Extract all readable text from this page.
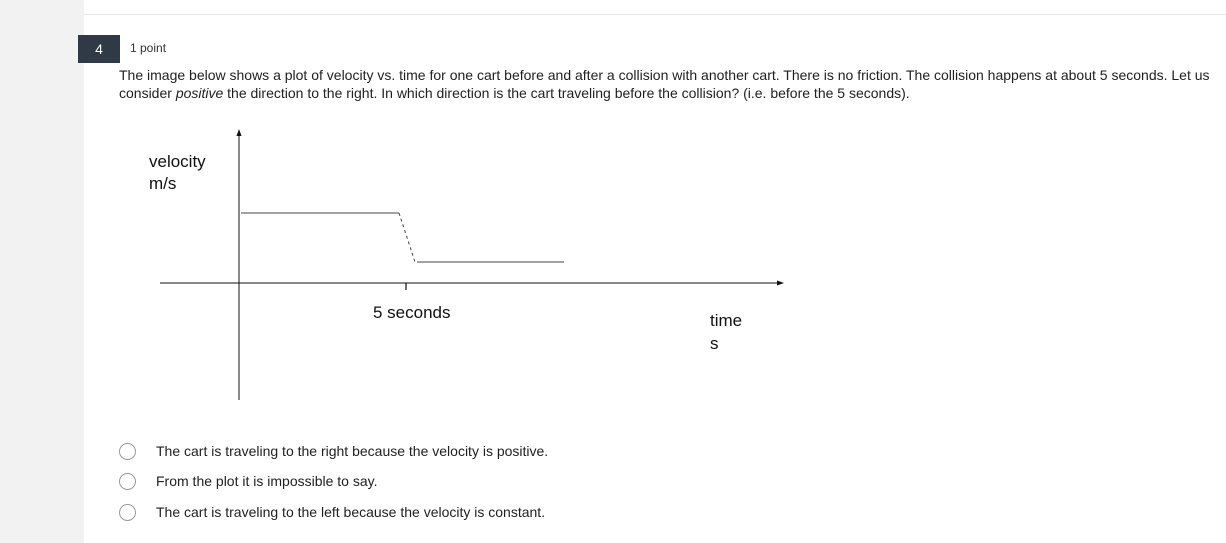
4	1 point
The image below shows a plot of velocity vs. time for one cart before and after a collision with another cart. There is no friction. The collision happens at about 5 seconds. Let us consider positive the direction to the right. In which direction is the cart traveling before the collision? (i.e. before the 5 seconds).
velocity
m/s
5 seconds	time
s
The cart is traveling to the right because the velocity is positive.
From the plot it is impossible to say.
The cart is traveling to the left because the velocity is constant.
